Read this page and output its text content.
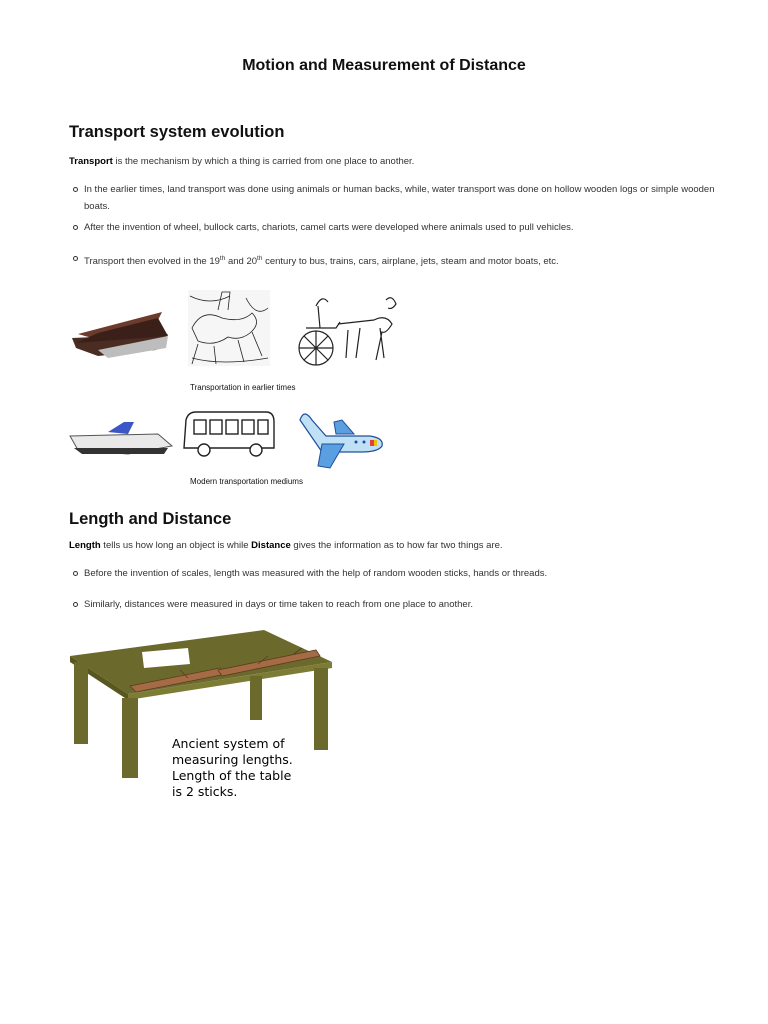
Motion and Measurement of Distance
Transport system evolution
Transport is the mechanism by which a thing is carried from one place to another.
In the earlier times, land transport was done using animals or human backs, while, water transport was done on hollow wooden logs or simple wooden boats.
After the invention of wheel, bullock carts, chariots, camel carts were developed where animals used to pull vehicles.
Transport then evolved in the 19th and 20th century to bus, trains, cars, airplane, jets, steam and motor boats, etc.
Transportation in earlier times
Modern transportation mediums
Length and Distance
Length tells us how long an object is while Distance gives the information as to how far two things are.
Before the invention of scales, length was measured with the help of random wooden sticks, hands or threads.
Similarly, distances were measured in days or time taken to reach from one place to another.
Ancient system of
measuring lengths.
Length of the table
is 2 sticks.
